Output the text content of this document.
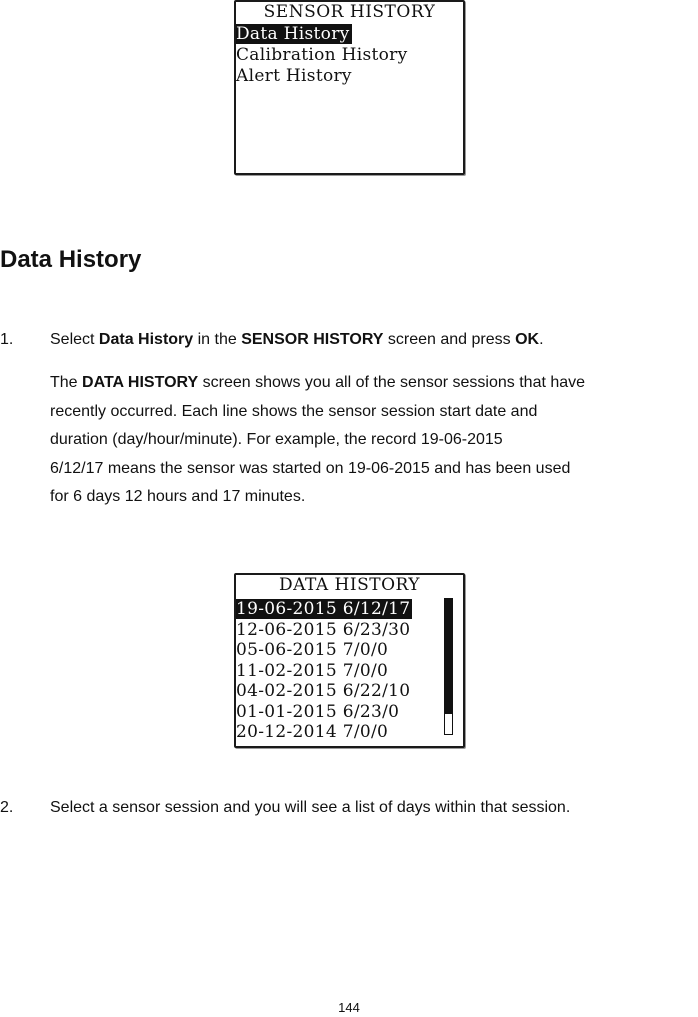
SENSOR HISTORY
Data History
Calibration History
Alert History
Data History
1. Select Data History in the SENSOR HISTORY screen and press OK.
The DATA HISTORY screen shows you all of the sensor sessions that have
recently occurred. Each line shows the sensor session start date and
duration (day/hour/minute). For example, the record 19-06-2015
6/12/17 means the sensor was started on 19-06-2015 and has been used
for 6 days 12 hours and 17 minutes.
DATA HISTORY
19-06-2015 6/12/17
12-06-2015 6/23/30
05-06-2015 7/0/0
11-02-2015 7/0/0
04-02-2015 6/22/10
01-01-2015 6/23/0
20-12-2014 7/0/0
2. Select a sensor session and you will see a list of days within that session.
144
